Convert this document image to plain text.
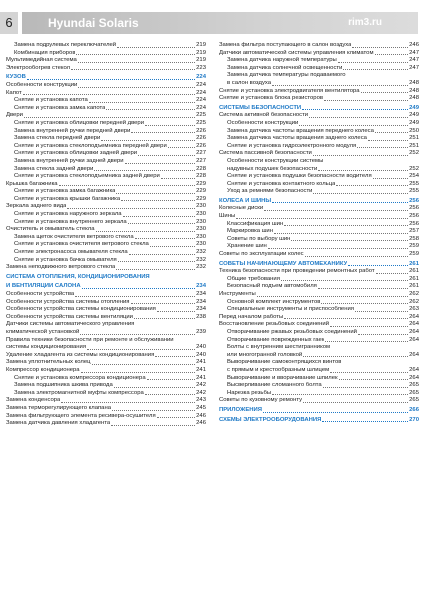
6	Hyundai Solaris	rim3.ru
Замена подрулевых переключателей	219
Комбинация приборов	219
Мультимедийная система	219
Электрообогрев стекол	223
КУЗОВ	224
Особенности конструкции	224
Капот	224
Снятие и установка капота	224
Снятие и установка замка капота	224
Двери	225
Снятие и установка облицовки передней двери	225
Замена внутренней ручки передней двери	226
Замена стекла передней двери	226
Снятие и установка стеклоподъемника передней двери	226
Снятие и установка облицовки задней двери	227
Замена внутренней ручки задней двери	227
Замена стекла задней двери	228
Снятие и установка стеклоподъемника задней двери	228
Крышка багажника	229
Снятие и установка замка багажника	229
Снятие и установка крышки багажника	229
Зеркала заднего вида	230
Снятие и установка наружного зеркала	230
Снятие и установка внутреннего зеркала	230
Очиститель и омыватель стекла	230
Замена щеток очистителя ветрового стекла	230
Снятие и установка очистителя ветрового стекла	230
Снятие электронасоса омывателя стекла	232
Снятие и установка бачка омывателя	232
Замена неподвижного ветрового стекла	232
СИСТЕМА ОТОПЛЕНИЯ, КОНДИЦИОНИРОВАНИЯ
И ВЕНТИЛЯЦИИ САЛОНА	234
Особенности устройства	234
Особенности устройства системы отопления	234
Особенности устройства системы кондиционирования	234
Особенности устройства системы вентиляции	238
Датчики системы автоматического управления
климатической установкой	239
Правила техники безопасности при ремонте и обслуживании
системы кондиционирования	240
Удаление хладагента из системы кондиционирования	240
Замена уплотнительных колец	241
Компрессор кондиционера	241
Снятие и установка компрессора кондиционера	241
Замена подшипника шкива привода	242
Замена электромагнитной муфты компрессора	242
Замена конденсора	243
Замена терморегулирующего клапана	245
Замена фильтрующего элемента ресивера-осушителя	246
Замена датчика давления хладагента	246
Замена фильтра поступающего в салон воздуха	246
Датчики автоматической системы управления климатом	247
Замена датчика наружной температуры	247
Замена датчика солнечной освещенности	247
Замена датчика температуры подаваемого
в салон воздуха	248
Снятие и установка электродвигателя вентилятора	248
Снятие и установка блока резисторов	248
СИСТЕМЫ БЕЗОПАСНОСТИ	249
Система активной безопасности	249
Особенности конструкции	249
Замена датчика частоты вращения переднего колеса	250
Замена датчика частоты вращения заднего колеса	251
Снятие и установка гидроэлектронного модуля	251
Система пассивной безопасности	252
Особенности конструкции системы
надувных подушек безопасности	252
Снятие и установка подушки безопасности водителя	254
Снятие и установка контактного кольца	255
Уход за ремнями безопасности	255
КОЛЕСА И ШИНЫ	256
Колесные диски	256
Шины	256
Классификация шин	256
Маркировка шин	257
Советы по выбору шин	258
Хранение шин	259
Советы по эксплуатации колес	259
СОВЕТЫ НАЧИНАЮЩЕМУ АВТОМЕХАНИКУ	261
Техника безопасности при проведении ремонтных работ	261
Общие требования	261
Безопасный подъем автомобиля	261
Инструменты	262
Основной комплект инструментов	262
Специальные инструменты и приспособления	263
Перед началом работы	264
Восстановление резьбовых соединений	264
Отворачивание ржавых резьбовых соединений	264
Отворачивание поврежденных гаек	264
Болты с внутренним шестигранником
или многогранной головкой	264
Выворачивание самоконтрящихся винтов
с прямым и крестообразным шлицем	264
Выворачивание и вворачивание шпилек	264
Высверливание сломанного болта	265
Нарезка резьбы	265
Советы по кузовному ремонту	265
ПРИЛОЖЕНИЯ	266
СХЕМЫ ЭЛЕКТРООБОРУДОВАНИЯ	270
